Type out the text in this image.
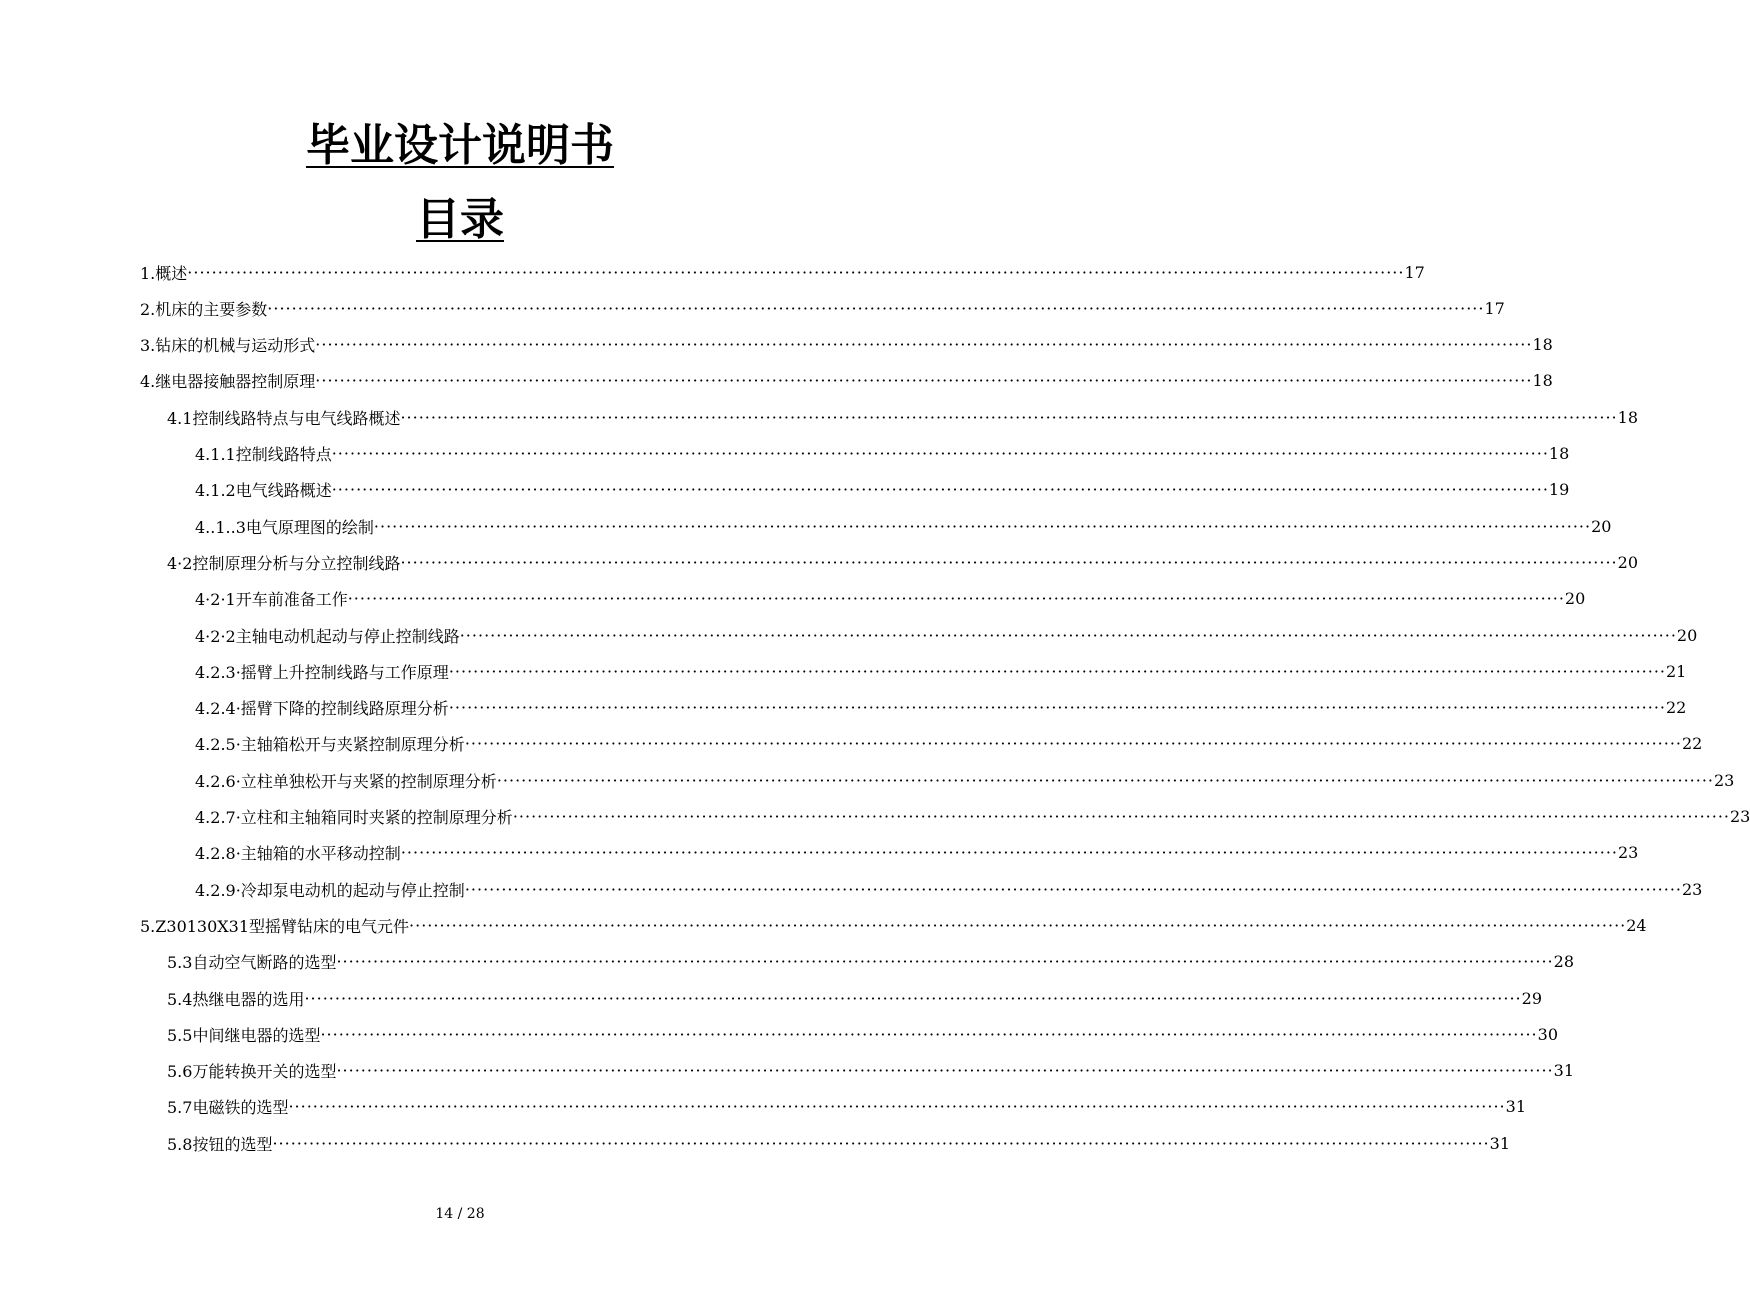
毕业设计说明书
目录
1.概述 ········································································································································································································ 17
2.机床的主要参数 ········································································································································································································ 17
3.钻床的机械与运动形式 ········································································································································································································ 18
4.继电器接触器控制原理 ········································································································································································································ 18
4.1控制线路特点与电气线路概述 ········································································································································································································ 18
4.1.1控制线路特点 ········································································································································································································ 18
4.1.2电气线路概述 ········································································································································································································ 19
4..1..3电气原理图的绘制 ········································································································································································································ 20
4·2控制原理分析与分立控制线路 ········································································································································································································ 20
4·2·1开车前准备工作 ········································································································································································································ 20
4·2·2主轴电动机起动与停止控制线路 ········································································································································································································ 20
4.2.3·摇臂上升控制线路与工作原理 ········································································································································································································ 21
4.2.4·摇臂下降的控制线路原理分析 ········································································································································································································ 22
4.2.5·主轴箱松开与夹紧控制原理分析 ········································································································································································································ 22
4.2.6·立柱单独松开与夹紧的控制原理分析 ········································································································································································································ 23
4.2.7·立柱和主轴箱同时夹紧的控制原理分析 ········································································································································································································ 23
4.2.8·主轴箱的水平移动控制 ········································································································································································································ 23
4.2.9·冷却泵电动机的起动与停止控制 ········································································································································································································ 23
5.Z30130X31型摇臂钻床的电气元件 ········································································································································································································ 24
5.3自动空气断路的选型 ········································································································································································································ 28
5.4热继电器的选用 ········································································································································································································ 29
5.5中间继电器的选型 ········································································································································································································ 30
5.6万能转换开关的选型 ········································································································································································································ 31
5.7电磁铁的选型 ········································································································································································································ 31
5.8按钮的选型 ········································································································································································································ 31
14 / 28
